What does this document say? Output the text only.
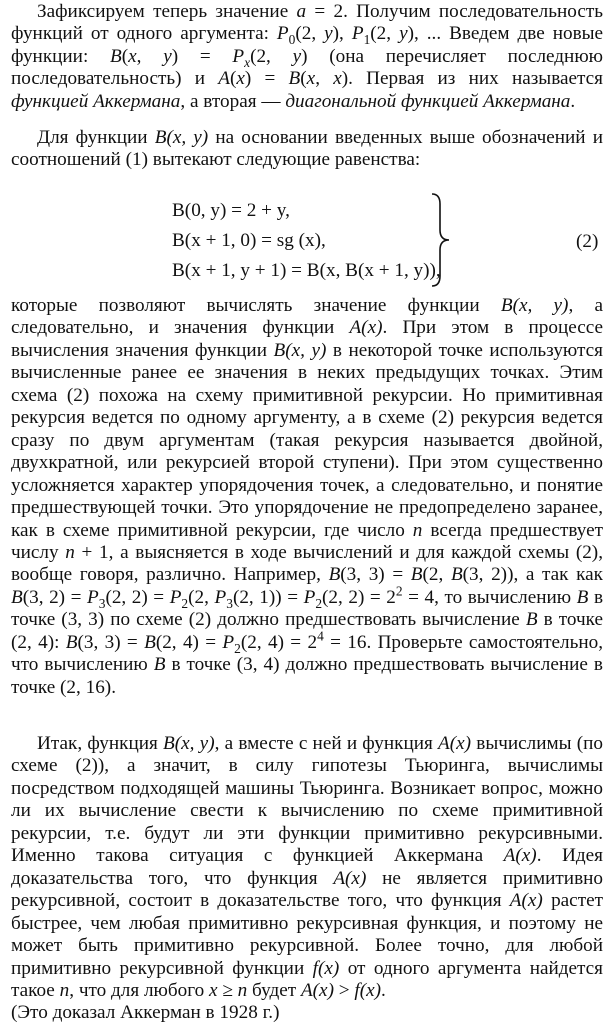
Зафиксируем теперь значение a = 2. Получим последовательность функций от одного аргумента: $P_0(2$, y), $P_1(2$, y), ... Введем две новые функции: B(x, $y) = P_x(2$, y) (она перечисляет последнюю последовательность) и A(x) = B(x, x). Первая из них называется функцией Аккермана, а вторая — диагональной функцией Аккермана.

Для функции B(x, y) на основании введенных выше обозначений и соотношений (1) вытекают следующие равенства:

B(0, y) = 2 + y,
B(x + 1, 0) = sg (x),
B(x + 1, y + 1) = B(x, B(x + 1, y)),
(2)

которые позволяют вычислять значение функции B(x, y), а следовательно, и значения функции A(x). При этом в процессе вычисления значения функции B(x, y) в некоторой точке используются вычисленные ранее ее значения в неких предыдущих точках. Этим схема (2) похожа на схему примитивной рекурсии. Но примитивная рекурсия ведется по одному аргументу, а в схеме (2) рекурсия ведется сразу по двум аргументам (такая рекурсия называется двойной, двухкратной, или рекурсией второй ступени). При этом существенно усложняется характер упорядочения точек, а следовательно, и понятие предшествующей точки. Это упорядочение не предопределено заранее, как в схеме примитивной рекурсии, где число n всегда предшествует числу n + 1, а выясняется в ходе вычислений и для каждой схемы (2), вообще говоря, различно. Например, B(3, 3) = B(2, B(3, 2)), а так как B(3, $2) = P_3(2$, $2) = P_2(2$, $P_3(2$, $1)) = P_2(2$, $2) = 2^2 = 4$, то вычислению B в точке (3, 3) по схеме (2) должно предшествовать вычисление B в точке (2, 4): B(3, 3) = B(2, $4) = P_2(2$, $4) = 2^4 = 16$. Проверьте самостоятельно, что вычислению B в точке (3, 4) должно предшествовать вычисление в точке (2, 16).

Итак, функция B(x, y), а вместе с ней и функция A(x) вычислимы (по схеме (2)), а значит, в силу гипотезы Тьюринга, вычислимы посредством подходящей машины Тьюринга. Возникает вопрос, можно ли их вычисление свести к вычислению по схеме примитивной рекурсии, т.е. будут ли эти функции примитивно рекурсивными. Именно такова ситуация с функцией Аккермана A(x). Идея доказательства того, что функция A(x) не является примитивно рекурсивной, состоит в доказательстве того, что функция A(x) растет быстрее, чем любая примитивно рекурсивная функция, и поэтому не может быть примитивно рекурсивной. Более точно, для любой примитивно рекурсивной функции f(x) от одного аргумента найдется такое n, что для любого x ≥ n будет A(x) > f(x).
(Это доказал Аккерман в 1928 г.)
